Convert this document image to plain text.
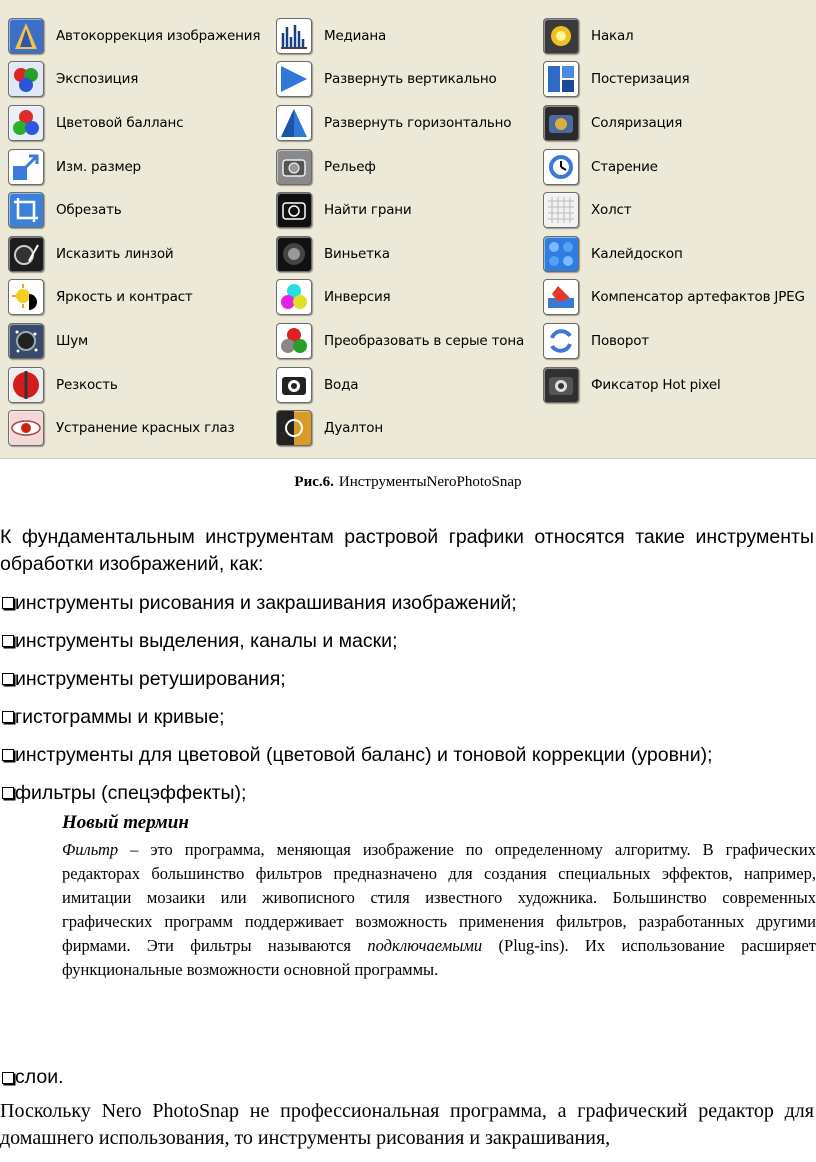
Автокоррекция изображения
Экспозиция
Цветовой балланс
Изм. размер
Обрезать
Исказить линзой
Яркость и контраст
Шум
Резкость
Устранение красных глаз
Медиана
Развернуть вертикально
Развернуть горизонтально
Рельеф
Найти грани
Виньетка
Инверсия
Преобразовать в серые тона
Вода
Дуалтон
Накал
Постеризация
Соляризация
Старение
Холст
Калейдоскоп
Компенсатор артефактов JPEG
Поворот
Фиксатор Hot pixel
Рис.6. ИнструментыNeroPhotoSnap
К фундаментальным инструментам растровой графики относятся такие инструменты обработки изображений, как:
инструменты рисования и закрашивания изображений;
инструменты выделения, каналы и маски;
инструменты ретуширования;
гистограммы и кривые;
инструменты для цветовой (цветовой баланс) и тоновой коррекции (уровни);
фильтры (спецэффекты);
Новый термин
Фильтр – это программа, меняющая изображение по определенному алгоритму. В графических редакторах большинство фильтров предназначено для создания специальных эффектов, например, имитации мозаики или живописного стиля известного художника. Большинство современных графических программ поддерживает возможность применения фильтров, разработанных другими фирмами. Эти фильтры называются подключаемыми (Plug-ins). Их использование расширяет функциональные возможности основной программы.
слои.
Поскольку Nero PhotoSnap не профессиональная программа, а графический редактор для домашнего использования, то инструменты рисования и закрашивания,
